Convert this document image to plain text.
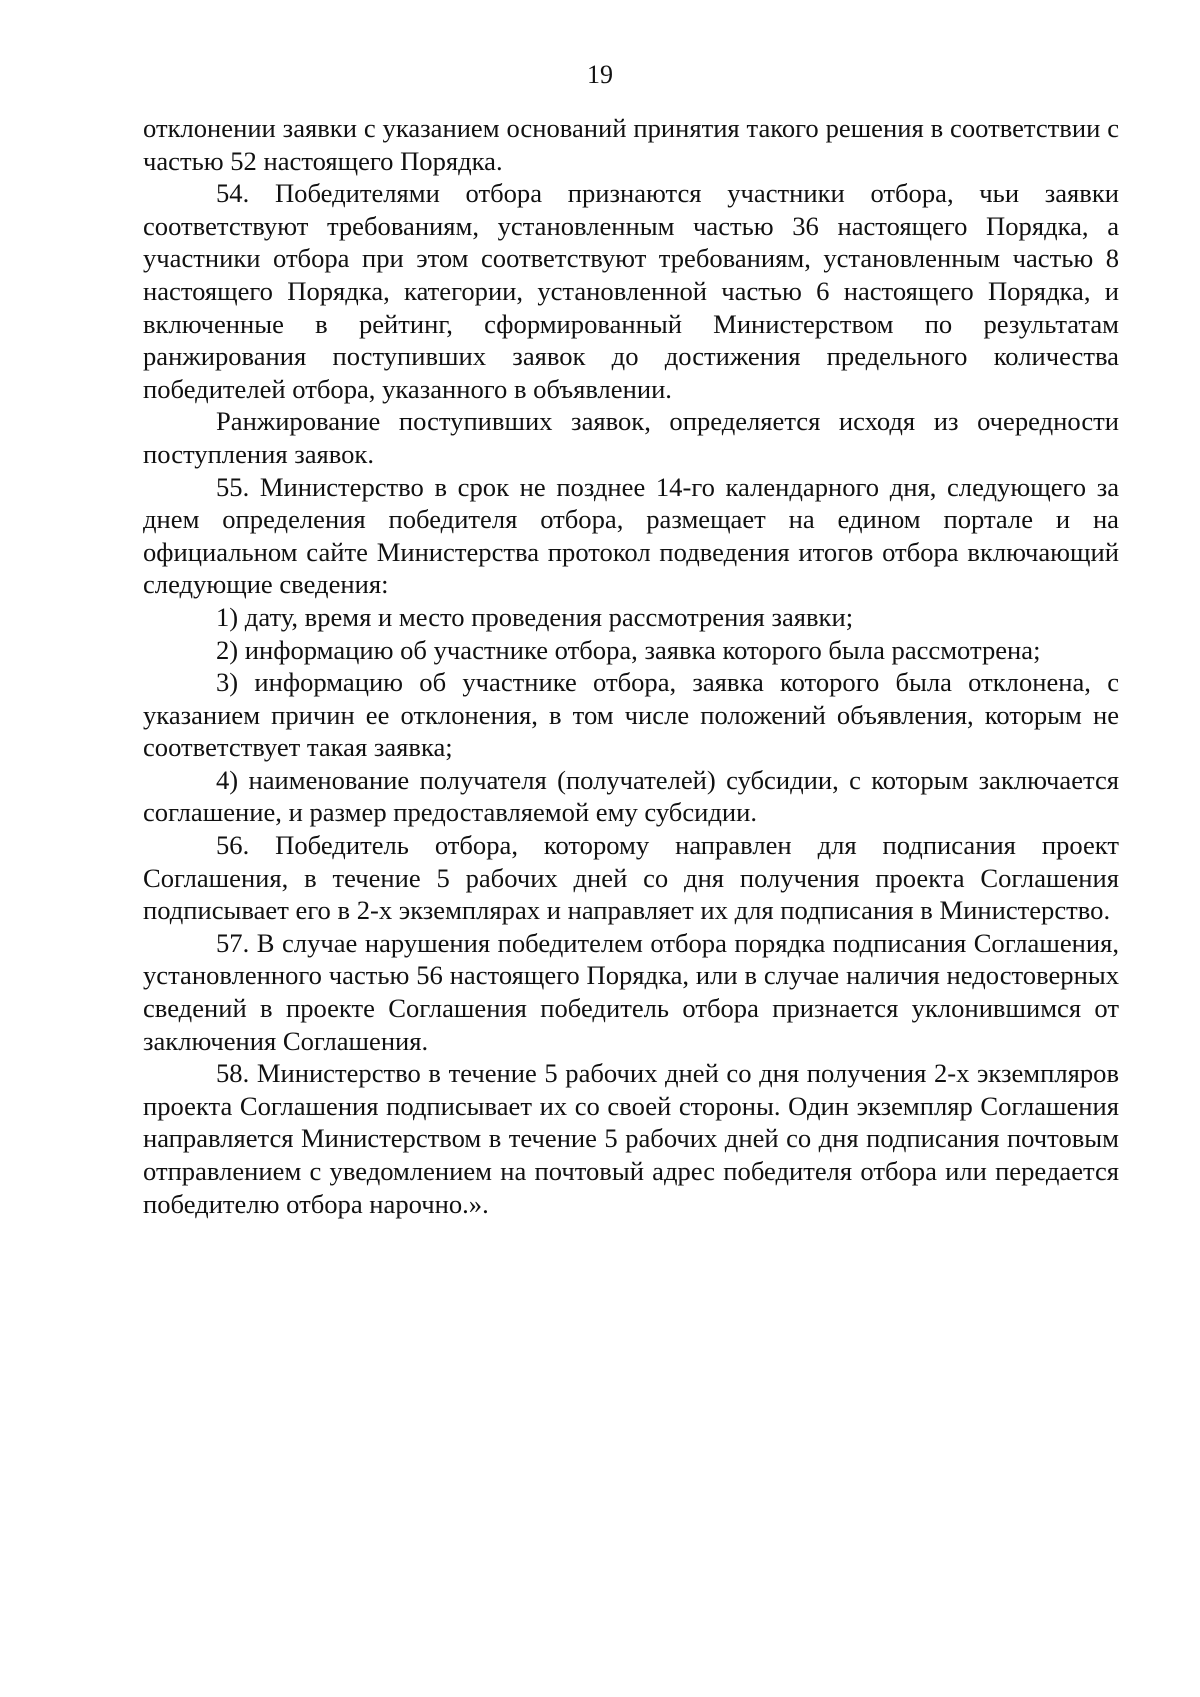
19

отклонении заявки с указанием оснований принятия такого решения в соответствии с частью 52 настоящего Порядка.

54. Победителями отбора признаются участники отбора, чьи заявки соответствуют требованиям, установленным частью 36 настоящего Порядка, а участники отбора при этом соответствуют требованиям, установленным частью 8 настоящего Порядка, категории, установленной частью 6 настоящего Порядка, и включенные в рейтинг, сформированный Министерством по результатам ранжирования поступивших заявок до достижения предельного количества победителей отбора, указанного в объявлении.

Ранжирование поступивших заявок, определяется исходя из очередности поступления заявок.

55. Министерство в срок не позднее 14-го календарного дня, следующего за днем определения победителя отбора, размещает на едином портале и на официальном сайте Министерства протокол подведения итогов отбора включающий следующие сведения:

1) дату, время и место проведения рассмотрения заявки;

2) информацию об участнике отбора, заявка которого была рассмотрена;

3) информацию об участнике отбора, заявка которого была отклонена, с указанием причин ее отклонения, в том числе положений объявления, которым не соответствует такая заявка;

4) наименование получателя (получателей) субсидии, с которым заключается соглашение, и размер предоставляемой ему субсидии.

56. Победитель отбора, которому направлен для подписания проект Соглашения, в течение 5 рабочих дней со дня получения проекта Соглашения подписывает его в 2-х экземплярах и направляет их для подписания в Министерство.

57. В случае нарушения победителем отбора порядка подписания Соглашения, установленного частью 56 настоящего Порядка, или в случае наличия недостоверных сведений в проекте Соглашения победитель отбора признается уклонившимся от заключения Соглашения.

58. Министерство в течение 5 рабочих дней со дня получения 2-х экземпляров проекта Соглашения подписывает их со своей стороны. Один экземпляр Соглашения направляется Министерством в течение 5 рабочих дней со дня подписания почтовым отправлением с уведомлением на почтовый адрес победителя отбора или передается победителю отбора нарочно.».
